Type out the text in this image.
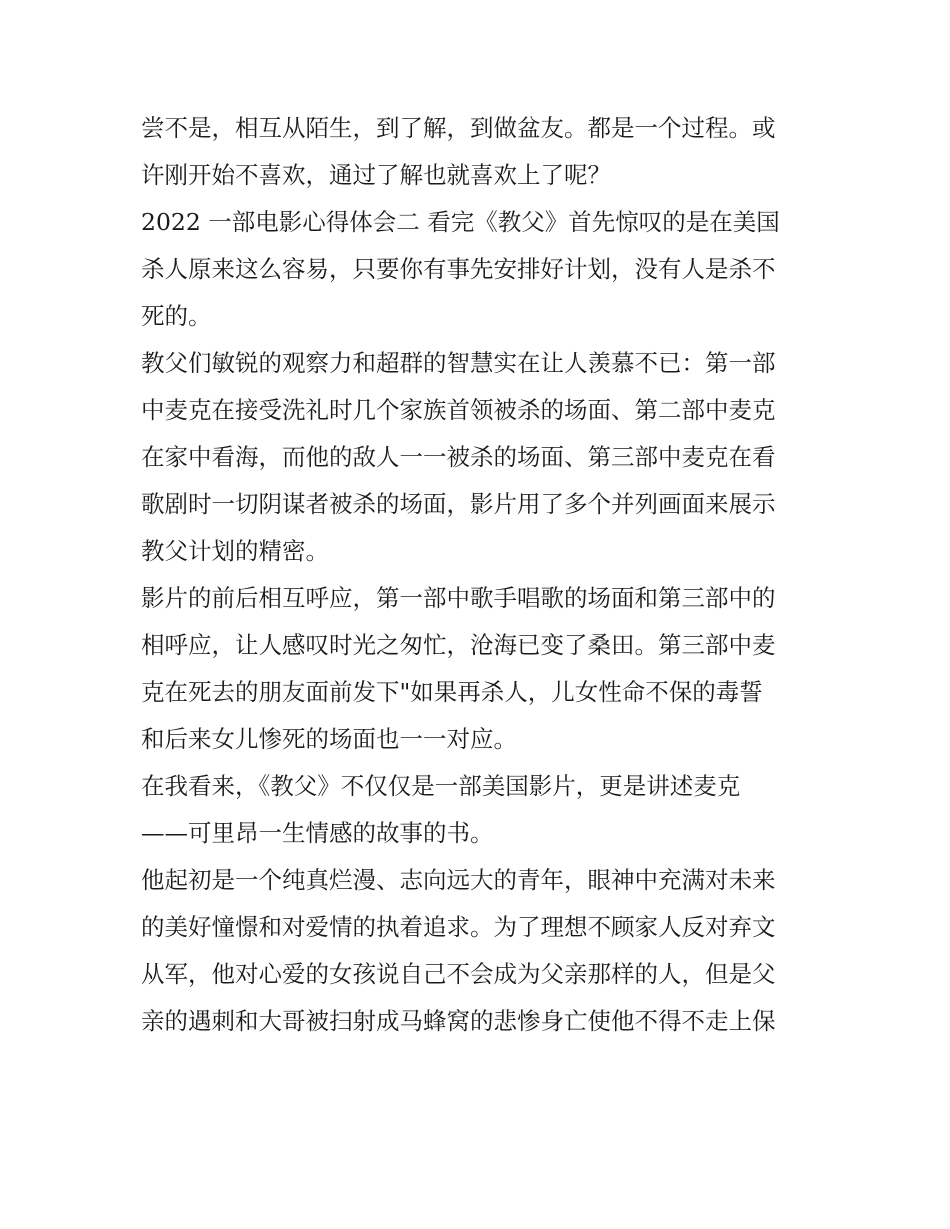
尝不是，相互从陌生，到了解，到做盆友。都是一个过程。或
许刚开始不喜欢，通过了解也就喜欢上了呢？
2022 一部电影心得体会二 看完《教父》首先惊叹的是在美国
杀人原来这么容易，只要你有事先安排好计划，没有人是杀不
死的。
教父们敏锐的观察力和超群的智慧实在让人羡慕不已：第一部
中麦克在接受洗礼时几个家族首领被杀的场面、第二部中麦克
在家中看海，而他的敌人一一被杀的场面、第三部中麦克在看
歌剧时一切阴谋者被杀的场面，影片用了多个并列画面来展示
教父计划的精密。
影片的前后相互呼应，第一部中歌手唱歌的场面和第三部中的
相呼应，让人感叹时光之匆忙，沧海已变了桑田。第三部中麦
克在死去的朋友面前发下"如果再杀人，儿女性命不保的毒誓
和后来女儿惨死的场面也一一对应。
在我看来，《教父》不仅仅是一部美国影片，更是讲述麦克
——可里昂一生情感的故事的书。
他起初是一个纯真烂漫、志向远大的青年，眼神中充满对未来
的美好憧憬和对爱情的执着追求。为了理想不顾家人反对弃文
从军，他对心爱的女孩说自己不会成为父亲那样的人，但是父
亲的遇刺和大哥被扫射成马蜂窝的悲惨身亡使他不得不走上保
